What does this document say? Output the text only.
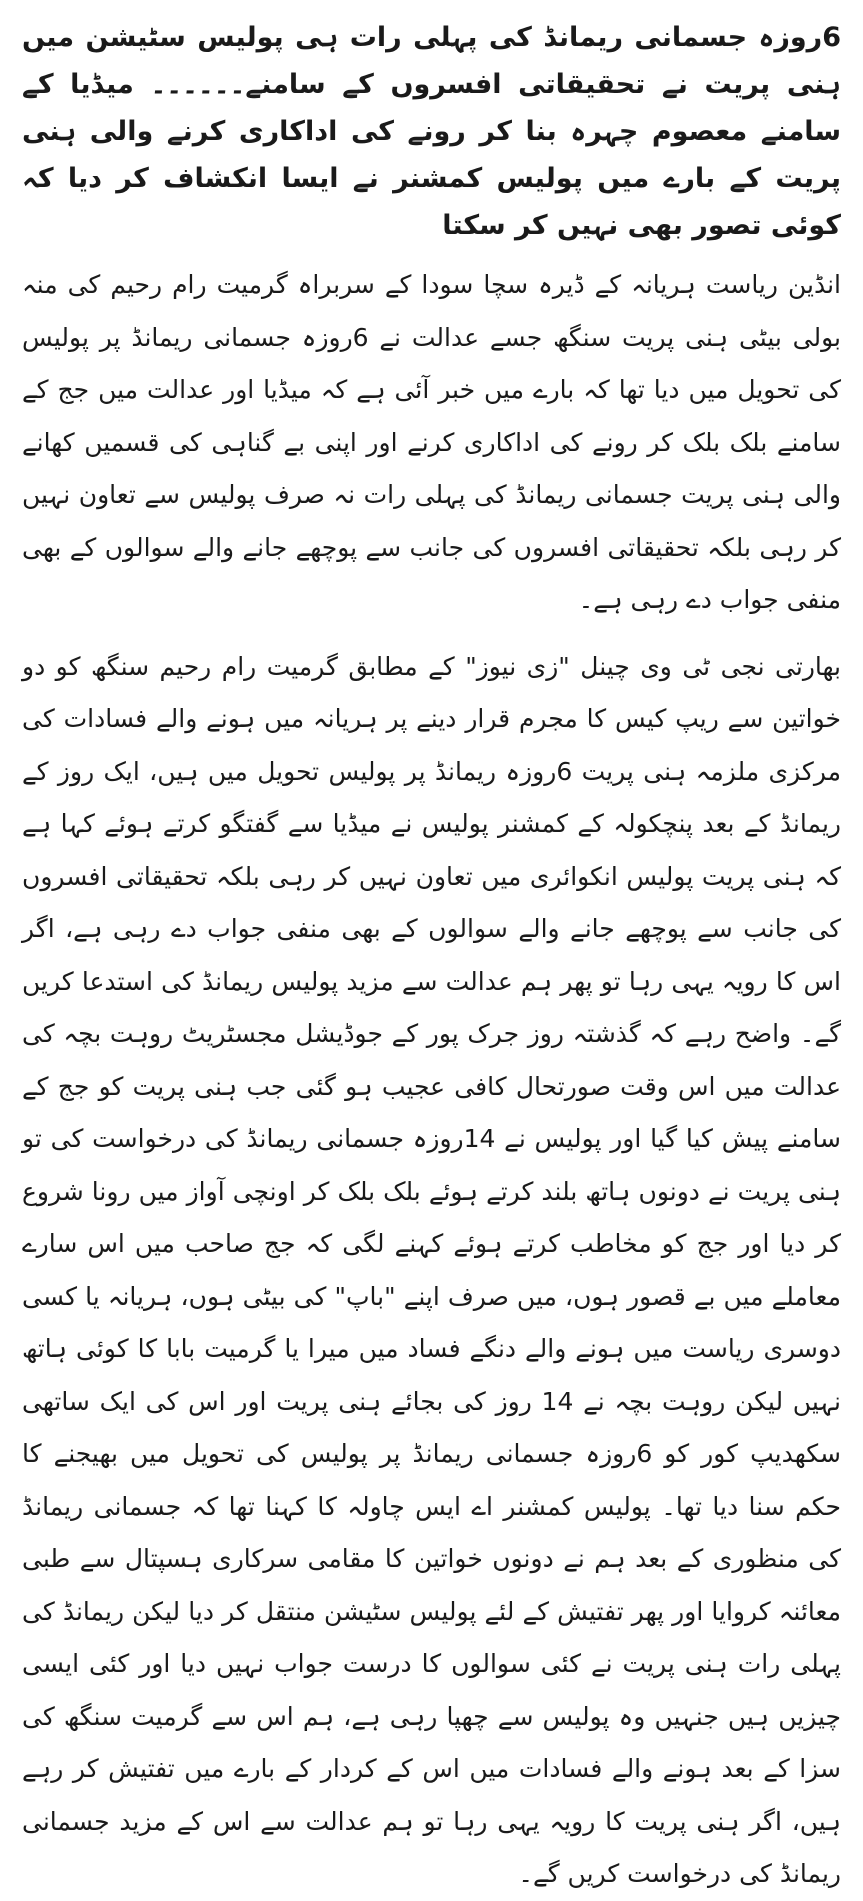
6روزہ جسمانی ریمانڈ کی پہلی رات ہی پولیس سٹیشن میں ہنی پریت نے تحقیقاتی افسروں کے سامنے۔۔۔۔۔۔ میڈیا کے سامنے معصوم چہرہ بنا کر رونے کی اداکاری کرنے والی ہنی پریت کے بارے میں پولیس کمشنر نے ایسا انکشاف کر دیا کہ کوئی تصور بھی نہیں کر سکتا

انڈین ریاست ہریانہ کے ڈیرہ سچا سودا کے سربراہ گرمیت رام رحیم کی منہ بولی بیٹی ہنی پریت سنگھ جسے عدالت نے 6روزہ جسمانی ریمانڈ پر پولیس کی تحویل میں دیا تھا کہ بارے میں خبر آئی ہے کہ میڈیا اور عدالت میں جج کے سامنے بلک بلک کر رونے کی اداکاری کرنے اور اپنی بے گناہی کی قسمیں کھانے والی ہنی پریت جسمانی ریمانڈ کی پہلی رات نہ صرف پولیس سے تعاون نہیں کر رہی بلکہ تحقیقاتی افسروں کی جانب سے پوچھے جانے والے سوالوں کے بھی منفی جواب دے رہی ہے۔

بھارتی نجی ٹی وی چینل "زی نیوز" کے مطابق گرمیت رام رحیم سنگھ کو دو خواتین سے ریپ کیس کا مجرم قرار دینے پر ہریانہ میں ہونے والے فسادات کی مرکزی ملزمہ ہنی پریت 6روزہ ریمانڈ پر پولیس تحویل میں ہیں، ایک روز کے ریمانڈ کے بعد پنچکولہ کے کمشنر پولیس نے میڈیا سے گفتگو کرتے ہوئے کہا ہے کہ ہنی پریت پولیس انکوائری میں تعاون نہیں کر رہی بلکہ تحقیقاتی افسروں کی جانب سے پوچھے جانے والے سوالوں کے بھی منفی جواب دے رہی ہے، اگر اس کا رویہ یہی رہا تو پھر ہم عدالت سے مزید پولیس ریمانڈ کی استدعا کریں گے۔ واضح رہے کہ گذشتہ روز جرک پور کے جوڈیشل مجسٹریٹ روہت بچہ کی عدالت میں اس وقت صورتحال کافی عجیب ہو گئی جب ہنی پریت کو جج کے سامنے پیش کیا گیا اور پولیس نے 14روزہ جسمانی ریمانڈ کی درخواست کی تو ہنی پریت نے دونوں ہاتھ بلند کرتے ہوئے بلک بلک کر اونچی آواز میں رونا شروع کر دیا اور جج کو مخاطب کرتے ہوئے کہنے لگی کہ جج صاحب میں اس سارے معاملے میں بے قصور ہوں، میں صرف اپنے "باپ" کی بیٹی ہوں، ہریانہ یا کسی دوسری ریاست میں ہونے والے دنگے فساد میں میرا یا گرمیت بابا کا کوئی ہاتھ نہیں لیکن روہت بچہ نے 14 روز کی بجائے ہنی پریت اور اس کی ایک ساتھی سکھدیپ کور کو 6روزہ جسمانی ریمانڈ پر پولیس کی تحویل میں بھیجنے کا حکم سنا دیا تھا۔ پولیس کمشنر اے ایس چاولہ کا کہنا تھا کہ جسمانی ریمانڈ کی منظوری کے بعد ہم نے دونوں خواتین کا مقامی سرکاری ہسپتال سے طبی معائنہ کروایا اور پھر تفتیش کے لئے پولیس سٹیشن منتقل کر دیا لیکن ریمانڈ کی پہلی رات ہنی پریت نے کئی سوالوں کا درست جواب نہیں دیا اور کئی ایسی چیزیں ہیں جنہیں وہ پولیس سے چھپا رہی ہے، ہم اس سے گرمیت سنگھ کی سزا کے بعد ہونے والے فسادات میں اس کے کردار کے بارے میں تفتیش کر رہے ہیں، اگر ہنی پریت کا رویہ یہی رہا تو ہم عدالت سے اس کے مزید جسمانی ریمانڈ کی درخواست کریں گے۔
